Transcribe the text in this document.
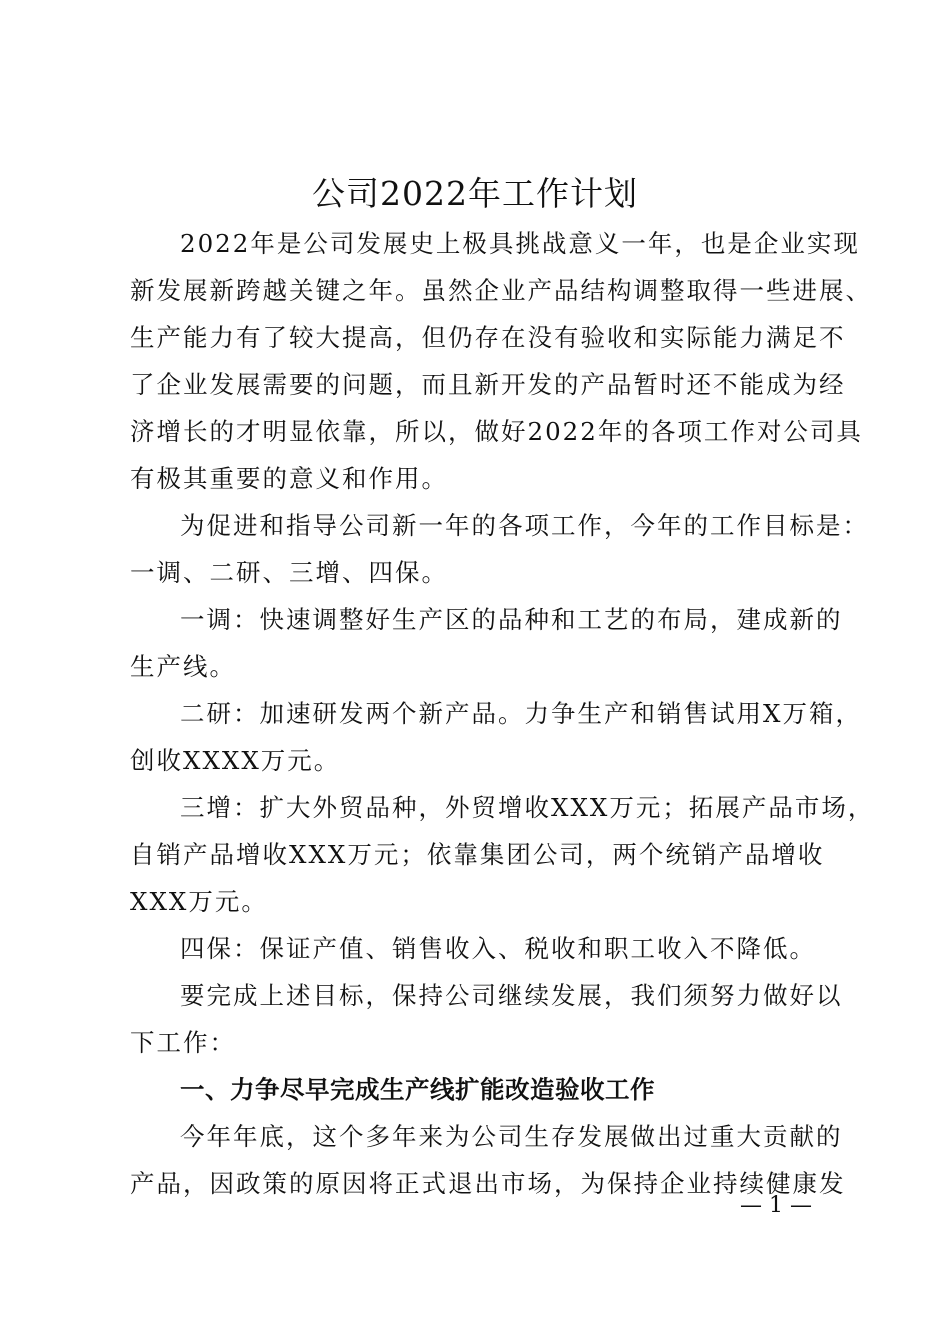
公司2022年工作计划
2022年是公司发展史上极具挑战意义一年，也是企业实现
新发展新跨越关键之年。虽然企业产品结构调整取得一些进展、
生产能力有了较大提高，但仍存在没有验收和实际能力满足不
了企业发展需要的问题，而且新开发的产品暂时还不能成为经
济增长的才明显依靠，所以，做好2022年的各项工作对公司具
有极其重要的意义和作用。
为促进和指导公司新一年的各项工作，今年的工作目标是：
一调、二研、三增、四保。
一调：快速调整好生产区的品种和工艺的布局，建成新的
生产线。
二研：加速研发两个新产品。力争生产和销售试用X万箱，
创收XXXX万元。
三增：扩大外贸品种，外贸增收XXX万元；拓展产品市场，
自销产品增收XXX万元；依靠集团公司，两个统销产品增收
XXX万元。
四保：保证产值、销售收入、税收和职工收入不降低。
要完成上述目标，保持公司继续发展，我们须努力做好以
下工作：
一、力争尽早完成生产线扩能改造验收工作
今年年底，这个多年来为公司生存发展做出过重大贡献的
产品，因政策的原因将正式退出市场，为保持企业持续健康发
— 1 —
